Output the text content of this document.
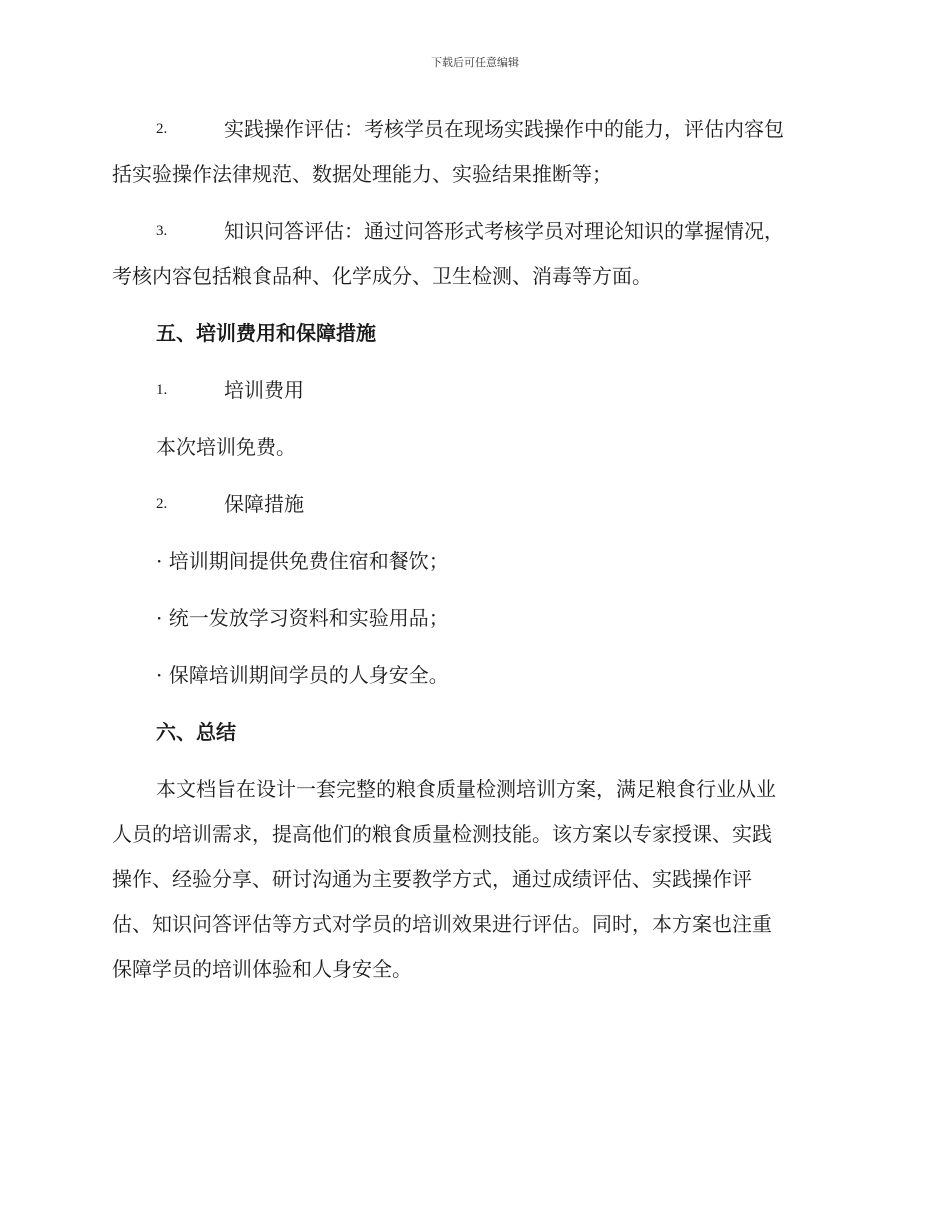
下载后可任意编辑
2.	实践操作评估：考核学员在现场实践操作中的能力，评估内容包
括实验操作法律规范、数据处理能力、实验结果推断等；
3.	知识问答评估：通过问答形式考核学员对理论知识的掌握情况，
考核内容包括粮食品种、化学成分、卫生检测、消毒等方面。
五、培训费用和保障措施
1.	培训费用
本次培训免费。
2.	保障措施
· 培训期间提供免费住宿和餐饮；
· 统一发放学习资料和实验用品；
· 保障培训期间学员的人身安全。
六、总结
本文档旨在设计一套完整的粮食质量检测培训方案，满足粮食行业从业
人员的培训需求，提高他们的粮食质量检测技能。该方案以专家授课、实践
操作、经验分享、研讨沟通为主要教学方式，通过成绩评估、实践操作评
估、知识问答评估等方式对学员的培训效果进行评估。同时，本方案也注重
保障学员的培训体验和人身安全。
